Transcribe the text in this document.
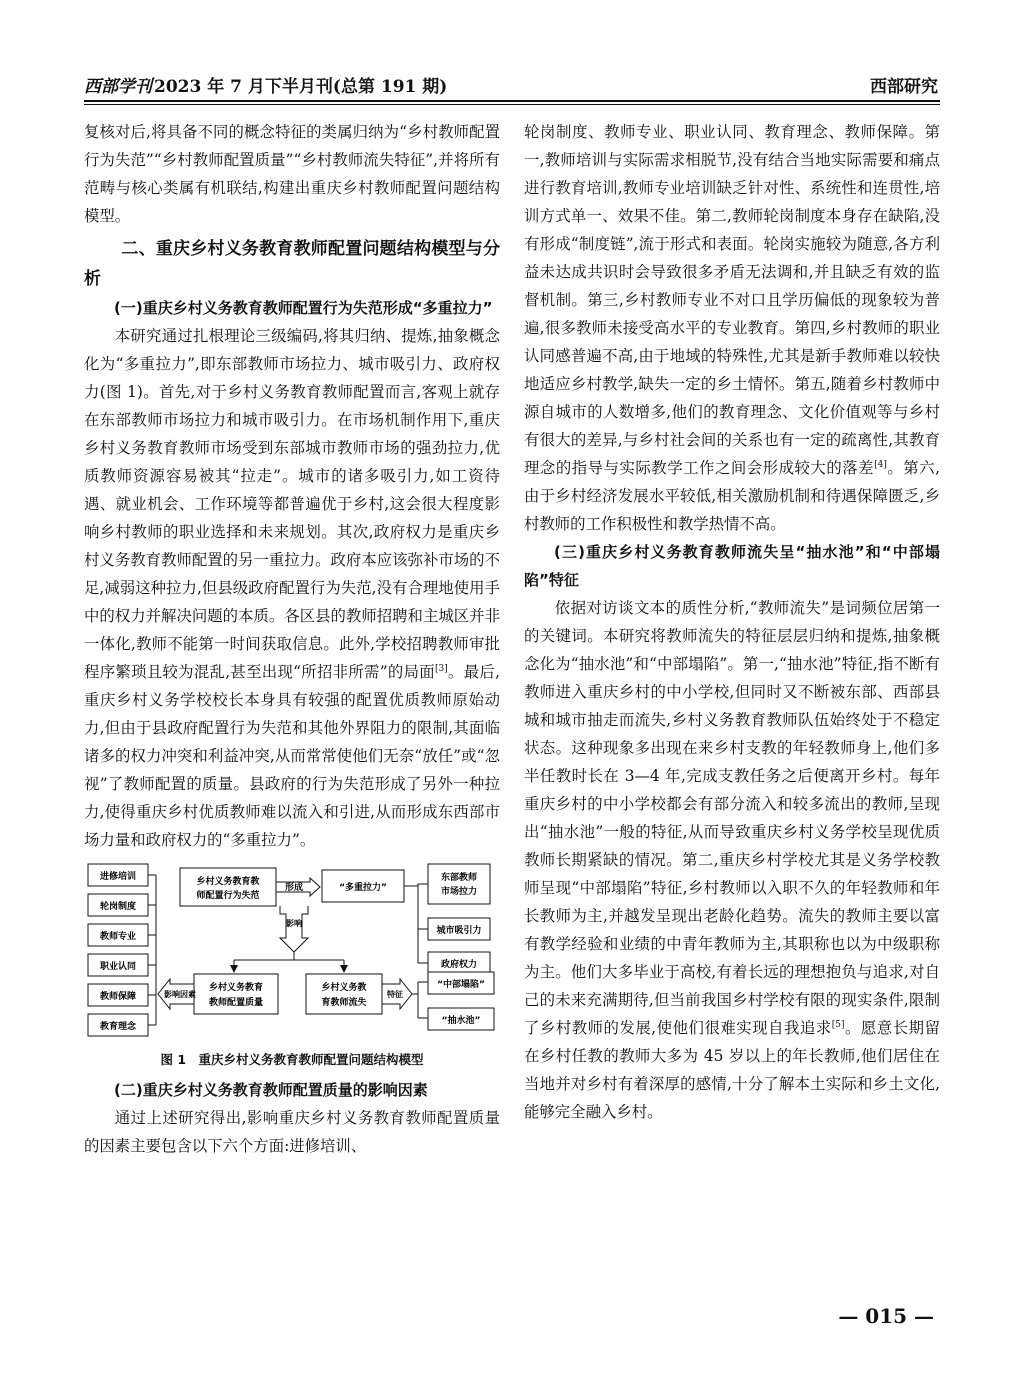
西部学刊 2023 年 7 月下半月刊(总第 191 期)	西部研究

复核对后,将具备不同的概念特征的类属归纳为“乡村教师配置行为失范”“乡村教师配置质量”“乡村教师流失特征”,并将所有范畴与核心类属有机联结,构建出重庆乡村教师配置问题结构模型。

二、重庆乡村义务教育教师配置问题结构模型与分析
(一)重庆乡村义务教育教师配置行为失范形成“多重拉力”

本研究通过扎根理论三级编码,将其归纳、提炼,抽象概念化为“多重拉力”,即东部教师市场拉力、城市吸引力、政府权力(图 1)。首先,对于乡村义务教育教师配置而言,客观上就存在东部教师市场拉力和城市吸引力。在市场机制作用下,重庆乡村义务教育教师市场受到东部城市教师市场的强劲拉力,优质教师资源容易被其“拉走”。城市的诸多吸引力,如工资待遇、就业机会、工作环境等都普遍优于乡村,这会很大程度影响乡村教师的职业选择和未来规划。其次,政府权力是重庆乡村义务教育教师配置的另一重拉力。政府本应该弥补市场的不足,减弱这种拉力,但县级政府配置行为失范,没有合理地使用手中的权力并解决问题的本质。各区县的教师招聘和主城区并非一体化,教师不能第一时间获取信息。此外,学校招聘教师审批程序繁琐且较为混乱,甚至出现“所招非所需”的局面[3]。最后,重庆乡村义务学校校长本身具有较强的配置优质教师原始动力,但由于县政府配置行为失范和其他外界阻力的限制,其面临诸多的权力冲突和利益冲突,从而常常使他们无奈“放任”或“忽视”了教师配置的质量。县政府的行为失范形成了另外一种拉力,使得重庆乡村优质教师难以流入和引进,从而形成东西部市场力量和政府权力的“多重拉力”。

进修培训
轮岗制度
教师专业
职业认同
教师保障
教育理念
乡村义务教育教
师配置行为失范
形成	“多重拉力”
东部教师
市场拉力
城市吸引力
政府权力
影响
乡村义务教育
教师配置质量
乡村义务教
育教师流失
影响因素	特征
“中部塌陷”
“抽水池”
图 1　重庆乡村义务教育教师配置问题结构模型
(二)重庆乡村义务教育教师配置质量的影响因素

通过上述研究得出,影响重庆乡村义务教育教师配置质量的因素主要包含以下六个方面:进修培训、

轮岗制度、教师专业、职业认同、教育理念、教师保障。第一,教师培训与实际需求相脱节,没有结合当地实际需要和痛点进行教育培训,教师专业培训缺乏针对性、系统性和连贯性,培训方式单一、效果不佳。第二,教师轮岗制度本身存在缺陷,没有形成“制度链”,流于形式和表面。轮岗实施较为随意,各方利益未达成共识时会导致很多矛盾无法调和,并且缺乏有效的监督机制。第三,乡村教师专业不对口且学历偏低的现象较为普遍,很多教师未接受高水平的专业教育。第四,乡村教师的职业认同感普遍不高,由于地域的特殊性,尤其是新手教师难以较快地适应乡村教学,缺失一定的乡土情怀。第五,随着乡村教师中源自城市的人数增多,他们的教育理念、文化价值观等与乡村有很大的差异,与乡村社会间的关系也有一定的疏离性,其教育理念的指导与实际教学工作之间会形成较大的落差[4]。第六,由于乡村经济发展水平较低,相关激励机制和待遇保障匮乏,乡村教师的工作积极性和教学热情不高。

(三)重庆乡村义务教育教师流失呈“抽水池”和“中部塌陷”特征

依据对访谈文本的质性分析,“教师流失”是词频位居第一的关键词。本研究将教师流失的特征层层归纳和提炼,抽象概念化为“抽水池”和“中部塌陷”。第一,“抽水池”特征,指不断有教师进入重庆乡村的中小学校,但同时又不断被东部、西部县城和城市抽走而流失,乡村义务教育教师队伍始终处于不稳定状态。这种现象多出现在来乡村支教的年轻教师身上,他们多半任教时长在 3—4 年,完成支教任务之后便离开乡村。每年重庆乡村的中小学校都会有部分流入和较多流出的教师,呈现出“抽水池”一般的特征,从而导致重庆乡村义务学校呈现优质教师长期紧缺的情况。第二,重庆乡村学校尤其是义务学校教师呈现“中部塌陷”特征,乡村教师以入职不久的年轻教师和年长教师为主,并越发呈现出老龄化趋势。流失的教师主要以富有教学经验和业绩的中青年教师为主,其职称也以为中级职称为主。他们大多毕业于高校,有着长远的理想抱负与追求,对自己的未来充满期待,但当前我国乡村学校有限的现实条件,限制了乡村教师的发展,使他们很难实现自我追求[5]。愿意长期留在乡村任教的教师大多为 45 岁以上的年长教师,他们居住在当地并对乡村有着深厚的感情,十分了解本土实际和乡土文化,能够完全融入乡村。

— 015 —
